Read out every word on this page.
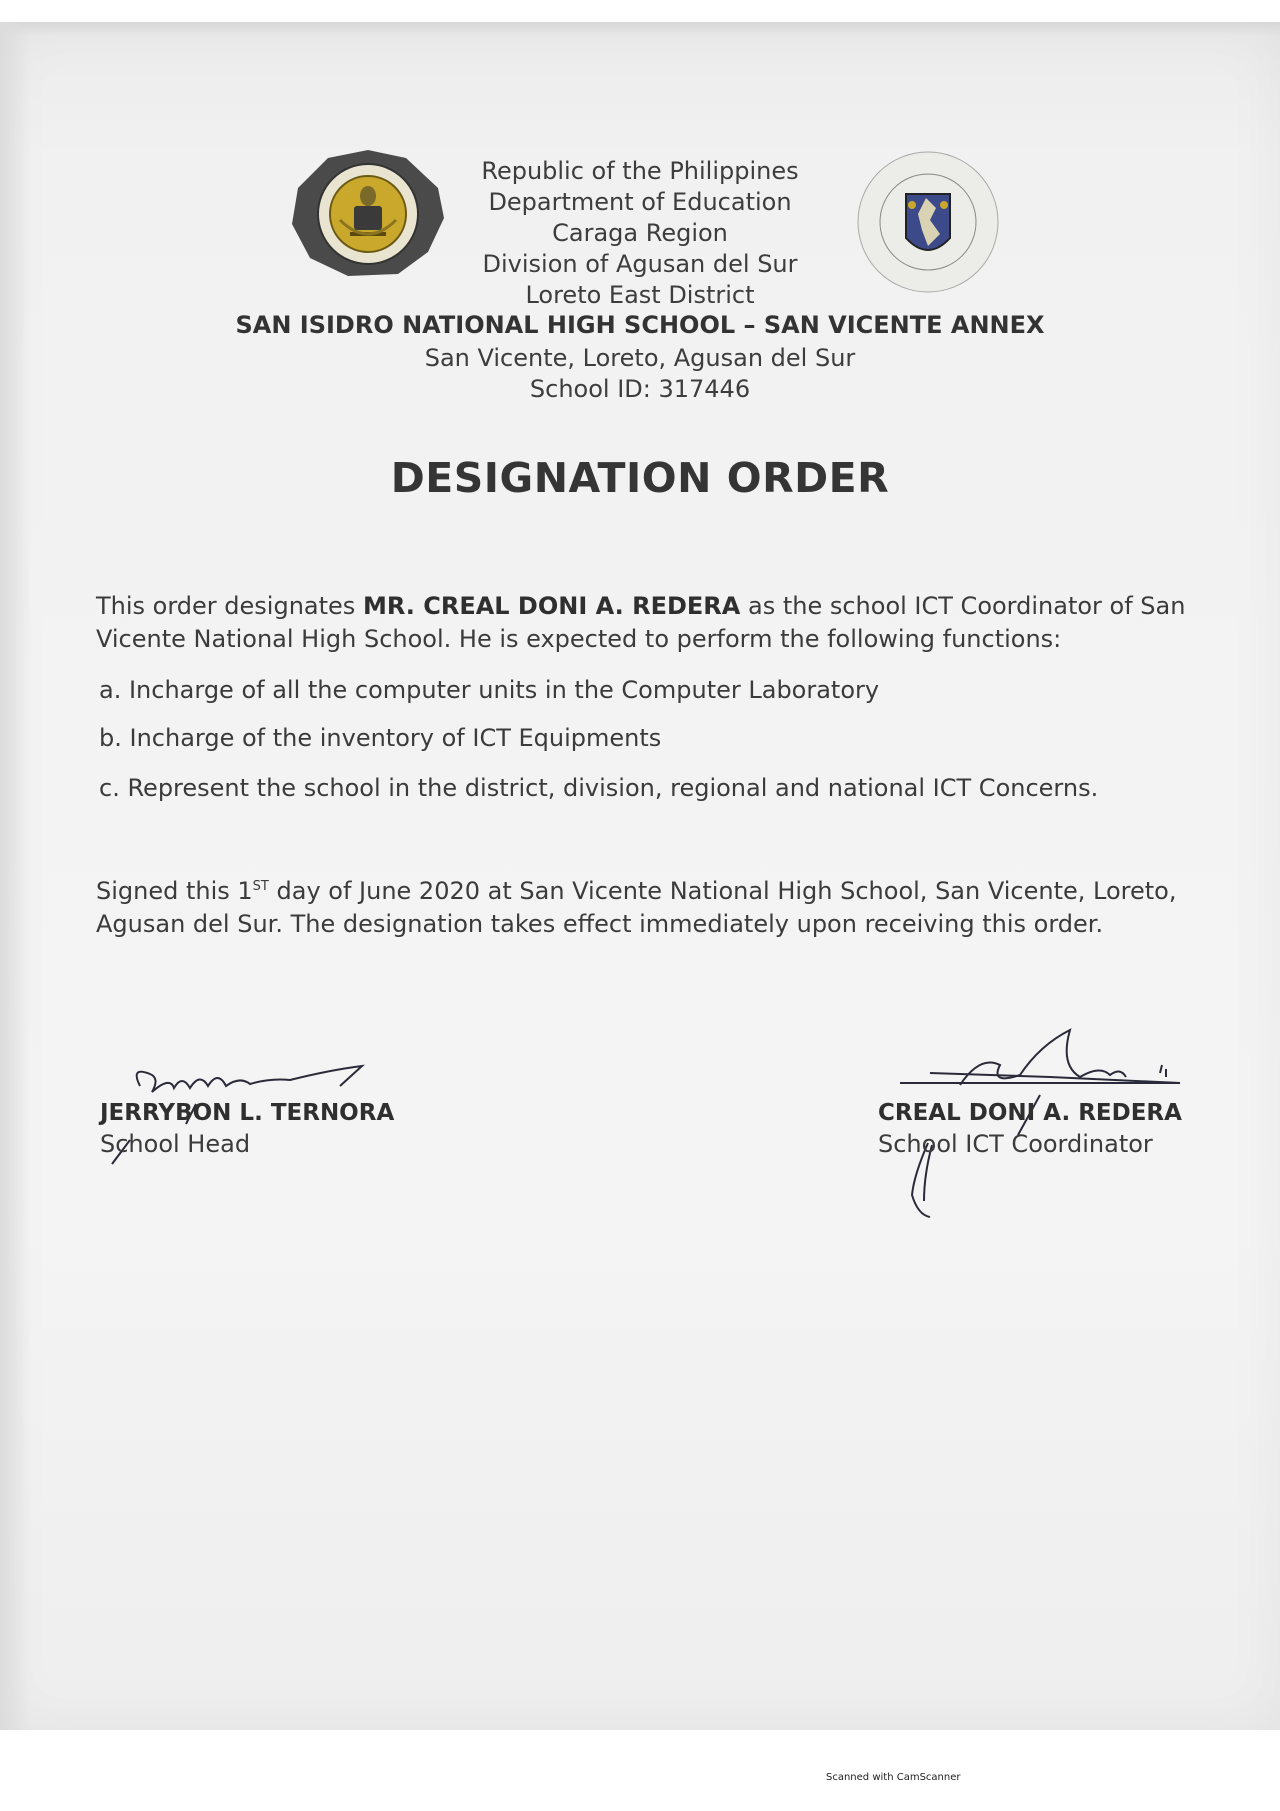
Republic of the Philippines
Department of Education
Caraga Region
Division of Agusan del Sur
Loreto East District
SAN ISIDRO NATIONAL HIGH SCHOOL – SAN VICENTE ANNEX
San Vicente, Loreto, Agusan del Sur
School ID: 317446
DESIGNATION ORDER
This order designates MR. CREAL DONI A. REDERA as the school ICT Coordinator of San Vicente National High School. He is expected to perform the following functions:
a. Incharge of all the computer units in the Computer Laboratory
b. Incharge of the inventory of ICT Equipments
c. Represent the school in the district, division, regional and national ICT Concerns.
Signed this 1ST day of June 2020 at San Vicente National High School, San Vicente, Loreto, Agusan del Sur. The designation takes effect immediately upon receiving this order.
JERRYBON L. TERNORA
School Head
CREAL DONI A. REDERA
School ICT Coordinator
Scanned with CamScanner
